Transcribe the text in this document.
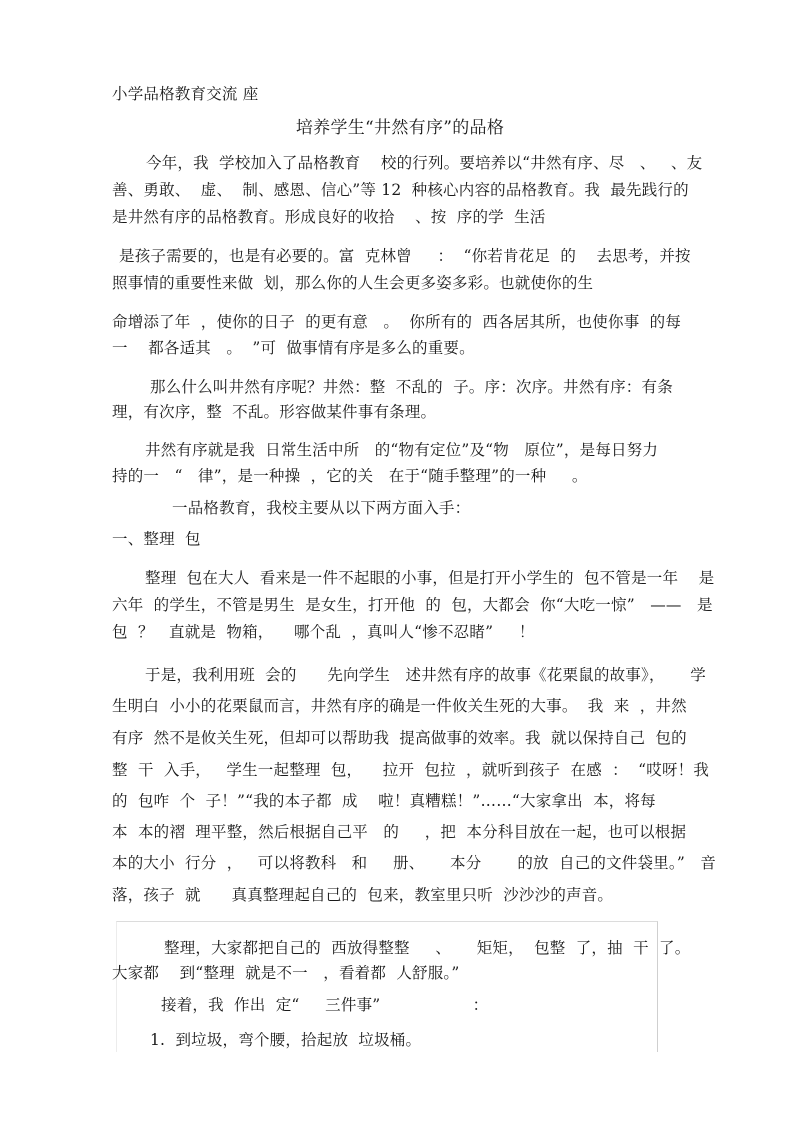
小学品格教育交流 座
培养学生“井然有序”的品格
今年，我  学校加入了品格教育    校的行列。要培养以“井然有序、尽   、   、友
善、勇敢、  虚、  制、感恩、信心”等 12  种核心内容的品格教育。我  最先践行的
是井然有序的品格教育。形成良好的收拾    、按  序的学  生活
是孩子需要的，也是有必要的。富  克林曾     ：  “你若肯花足  的    去思考，并按
照事情的重要性来做  划，那么你的人生会更多姿多彩。也就使你的生
命增添了年  ，使你的日子  的更有意   。  你所有的  西各居其所，也使你事  的每
一    都各适其   。  ”可  做事情有序是多么的重要。
那么什么叫井然有序呢？井然：整  不乱的  子。序：次序。井然有序：有条
理，有次序，整  不乱。形容做某件事有条理。
井然有序就是我  日常生活中所   的“物有定位”及“物   原位”，是每日努力
持的一   “   律”，是一种操  ，它的关   在于“随手整理”的一种     。
一品格教育，我校主要从以下两方面入手：
一、整理  包
整理  包在大人  看来是一件不起眼的小事，但是打开小学生的  包不管是一年    是
六年  的学生，不管是男生  是女生，打开他  的  包，大都会  你“大吃一惊”   ——   是
包  ？   直就是  物箱，    哪个乱  ，真叫人“惨不忍睹”     ！
于是，我利用班  会的      先向学生   述井然有序的故事《花栗鼠的故事》，     学
生明白  小小的花栗鼠而言，井然有序的确是一件攸关生死的大事。  我  来  ，井然
有序  然不是攸关生死，但却可以帮助我  提高做事的效率。我  就以保持自己  包的
整  干  入手，   学生一起整理  包，    拉开  包拉  ，就听到孩子  在感  ：  “哎呀！我
的  包咋  个  子！”“我的本子都  成    啦！真糟糕！”……“大家拿出  本，将每
本  本的褶  理平整，然后根据自己平   的     ，把  本分科目放在一起，也可以根据
本的大小  行分  ，   可以将教科   和     册、     本分       的放  自己的文件袋里。”   音
落，孩子  就      真真整理起自己的  包来，教室里只听  沙沙沙的声音。
整理，大家都把自己的  西放得整整     、     矩矩，  包整  了，抽  干  了。
大家都    到“整理  就是不一   ，看着都  人舒服。”
接着，我  作出  定“     三件事”                  ：
1.  到垃圾，弯个腰，拾起放  垃圾桶。
